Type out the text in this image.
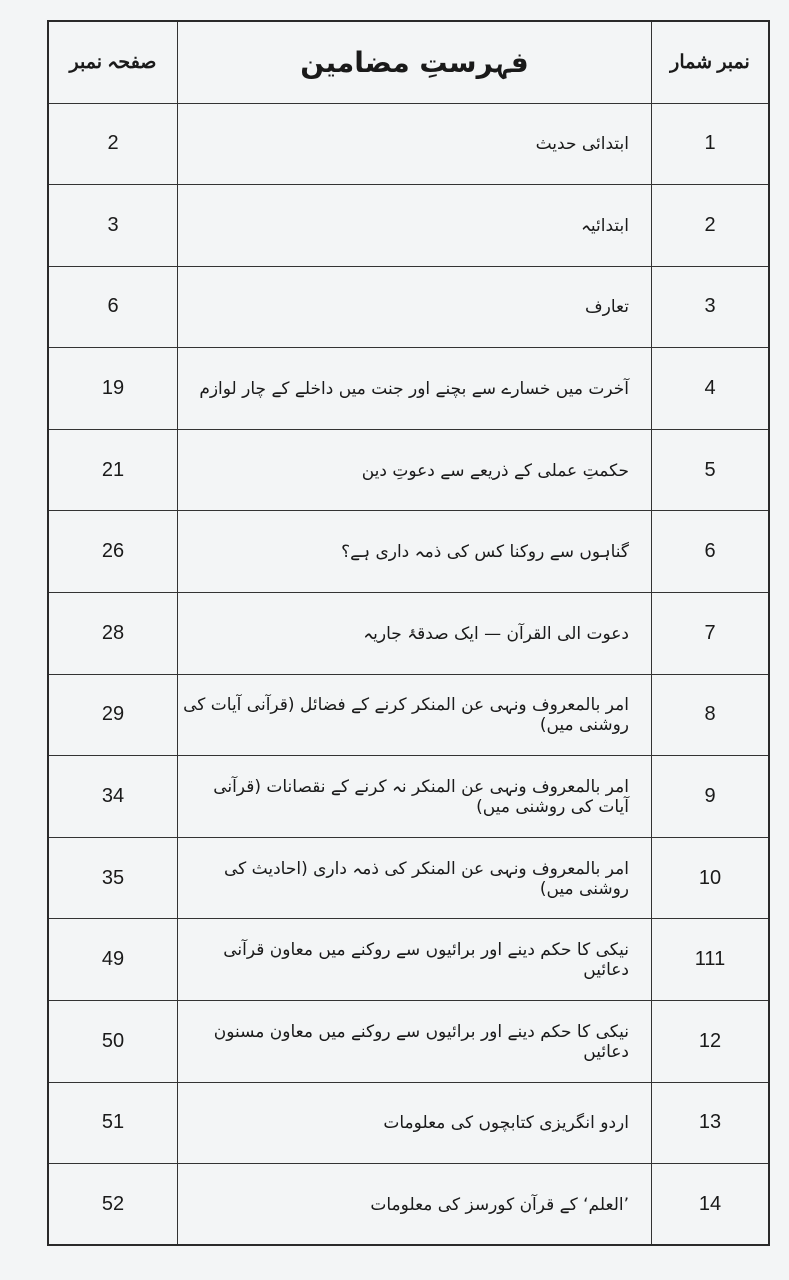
صفحہ نمبر	فہرستِ مضامین	نمبر شمار
2	ابتدائی حدیث	1
3	ابتدائیہ	2
6	تعارف	3
19	آخرت میں خسارے سے بچنے اور جنت میں داخلے کے چار لوازم	4
21	حکمتِ عملی کے ذریعے سے دعوتِ دین	5
26	گناہوں سے روکنا کس کی ذمہ داری ہے؟	6
28	دعوت الی القرآن — ایک صدقۂ جاریہ	7
29	امر بالمعروف ونہی عن المنکر کرنے کے فضائل (قرآنی آیات کی روشنی میں)	8
34	امر بالمعروف ونہی عن المنکر نہ کرنے کے نقصانات (قرآنی آیات کی روشنی میں)	9
35	امر بالمعروف ونہی عن المنکر کی ذمہ داری (احادیث کی روشنی میں)	10
49	نیکی کا حکم دینے اور برائیوں سے روکنے میں معاون قرآنی دعائیں	111
50	نیکی کا حکم دینے اور برائیوں سے روکنے میں معاون مسنون دعائیں	12
51	اردو انگریزی کتابچوں کی معلومات	13
52	’العلم‘ کے قرآن کورسز کی معلومات	14
